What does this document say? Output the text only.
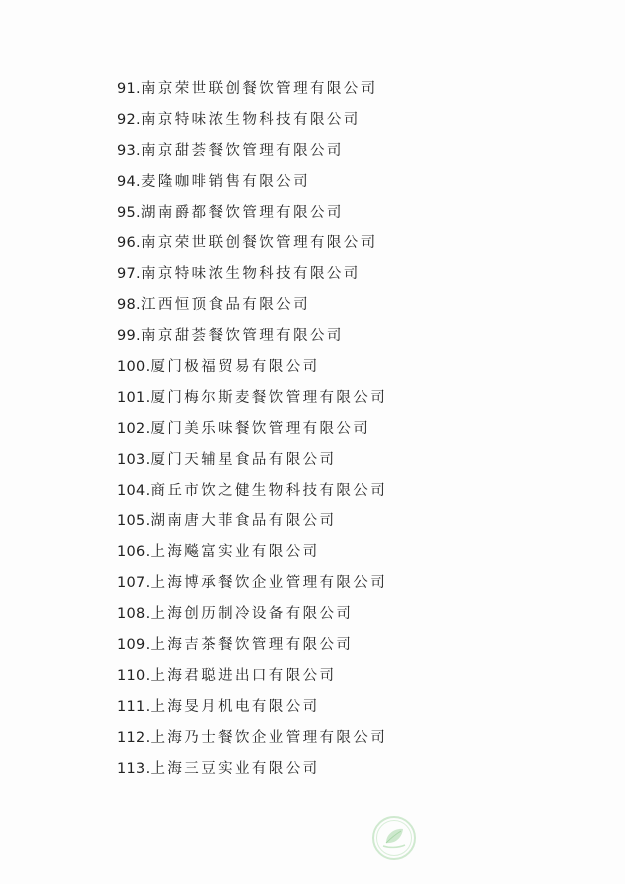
91.南京荣世联创餐饮管理有限公司
92.南京特味浓生物科技有限公司
93.南京甜荟餐饮管理有限公司
94.麦隆咖啡销售有限公司
95.湖南爵都餐饮管理有限公司
96.南京荣世联创餐饮管理有限公司
97.南京特味浓生物科技有限公司
98.江西恒顶食品有限公司
99.南京甜荟餐饮管理有限公司
100.厦门极福贸易有限公司
101.厦门梅尔斯麦餐饮管理有限公司
102.厦门美乐味餐饮管理有限公司
103.厦门天辅星食品有限公司
104.商丘市饮之健生物科技有限公司
105.湖南唐大菲食品有限公司
106.上海飚富实业有限公司
107.上海博承餐饮企业管理有限公司
108.上海创历制冷设备有限公司
109.上海吉茶餐饮管理有限公司
110.上海君聪进出口有限公司
111.上海旻月机电有限公司
112.上海乃士餐饮企业管理有限公司
113.上海三豆实业有限公司
